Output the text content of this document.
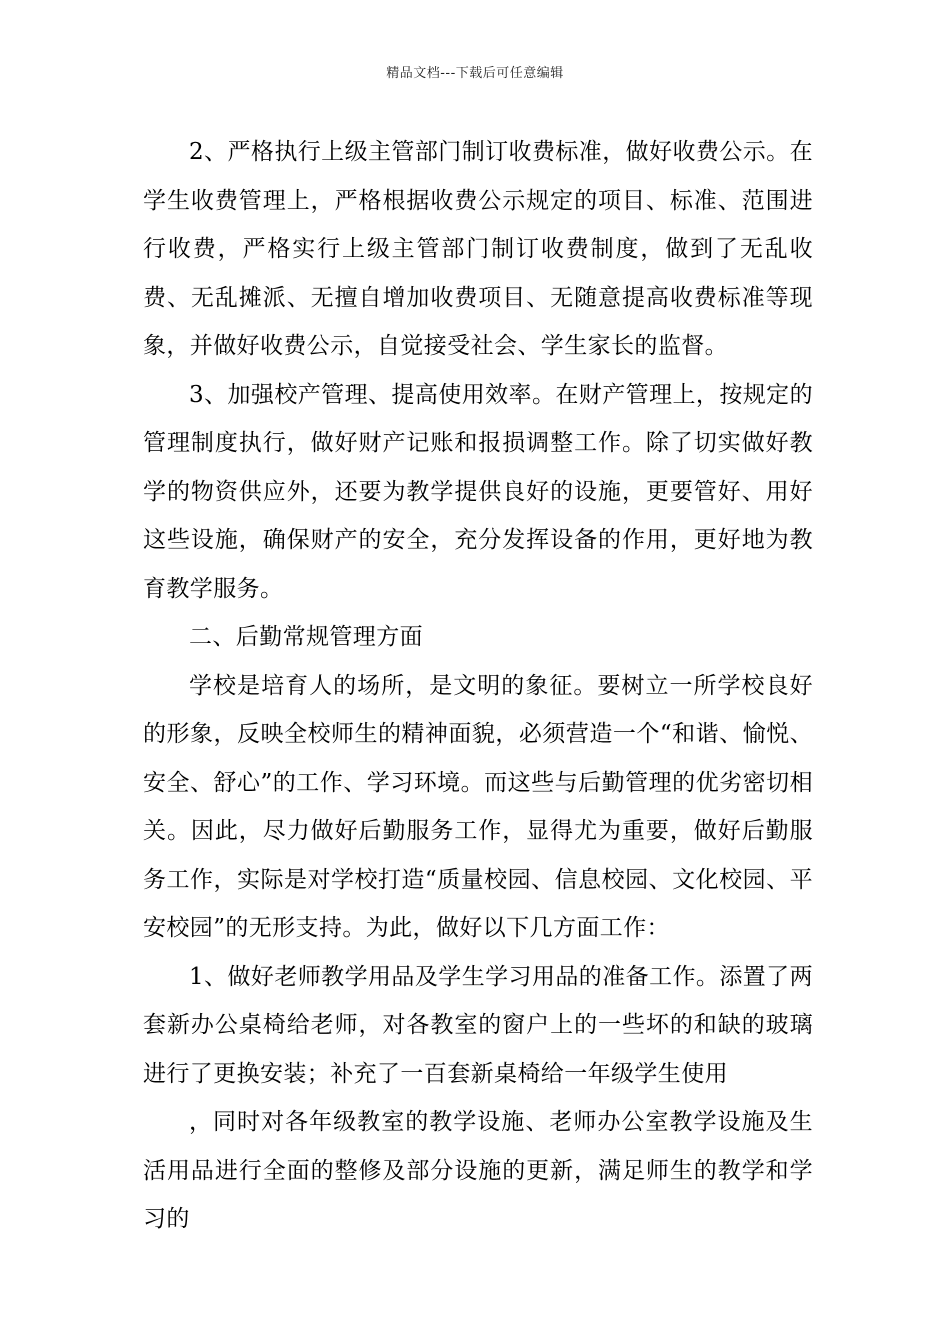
精品文档---下载后可任意编辑

2、严格执行上级主管部门制订收费标准，做好收费公示。在学生收费管理上，严格根据收费公示规定的项目、标准、范围进行收费，严格实行上级主管部门制订收费制度，做到了无乱收费、无乱摊派、无擅自增加收费项目、无随意提高收费标准等现象，并做好收费公示，自觉接受社会、学生家长的监督。

3、加强校产管理、提高使用效率。在财产管理上，按规定的管理制度执行，做好财产记账和报损调整工作。除了切实做好教学的物资供应外，还要为教学提供良好的设施，更要管好、用好这些设施，确保财产的安全，充分发挥设备的作用，更好地为教育教学服务。

二、后勤常规管理方面

学校是培育人的场所，是文明的象征。要树立一所学校良好的形象，反映全校师生的精神面貌，必须营造一个“和谐、愉悦、安全、舒心”的工作、学习环境。而这些与后勤管理的优劣密切相关。因此，尽力做好后勤服务工作，显得尤为重要，做好后勤服务工作，实际是对学校打造“质量校园、信息校园、文化校园、平安校园”的无形支持。为此，做好以下几方面工作：

1、做好老师教学用品及学生学习用品的准备工作。添置了两套新办公桌椅给老师，对各教室的窗户上的一些坏的和缺的玻璃进行了更换安装；补充了一百套新桌椅给一年级学生使用

，同时对各年级教室的教学设施、老师办公室教学设施及生活用品进行全面的整修及部分设施的更新，满足师生的教学和学习的
